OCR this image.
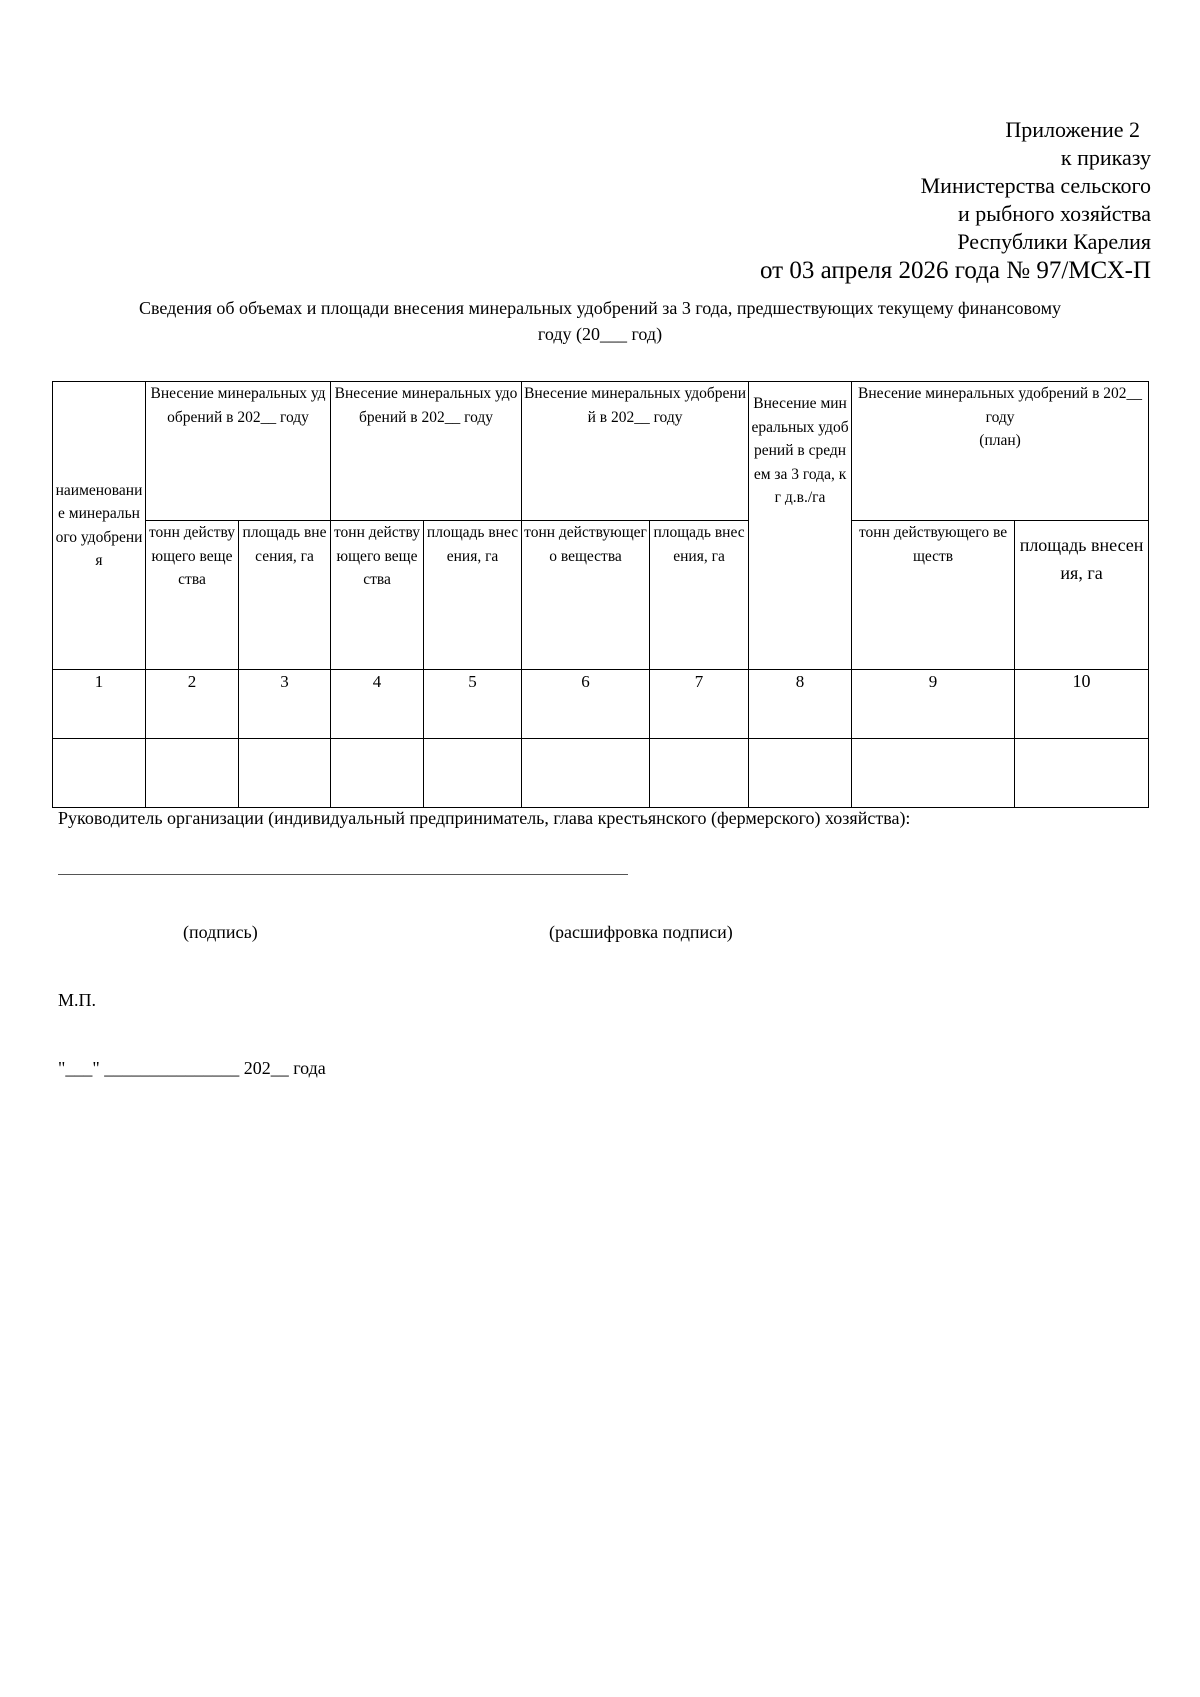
Приложение 2
к приказу
Министерства сельского
и рыбного хозяйства
Республики Карелия
от 03 апреля 2026 года № 97/МСХ-П
Сведения об объемах и площади внесения минеральных удобрений за 3 года, предшествующих текущему финансовому
году (20___ год)
наименование минерального удобрения	Внесение минеральных удобрений в 202__ году		Внесение минеральных удобрений в 202__ году		Внесение минеральных удобрений в 202__ году		Внесение минеральных удобрений в среднем за 3 года, кг д.в./га	Внесение минеральных удобрений в 202__ году
(план)	

	тонн действующего вещества	площадь внесения, га	тонн действующего вещества	площадь внесения, га	тонн действующего вещества	площадь внесения, га		тонн действующего веществ	площадь внесения, га
1	2	3	4	5	6	7	8	9	10

Руководитель организации (индивидуальный предприниматель, глава крестьянского (фермерского) хозяйства):
(подпись)	(расшифровка подписи)
М.П.
"___" _______________ 202__ года
